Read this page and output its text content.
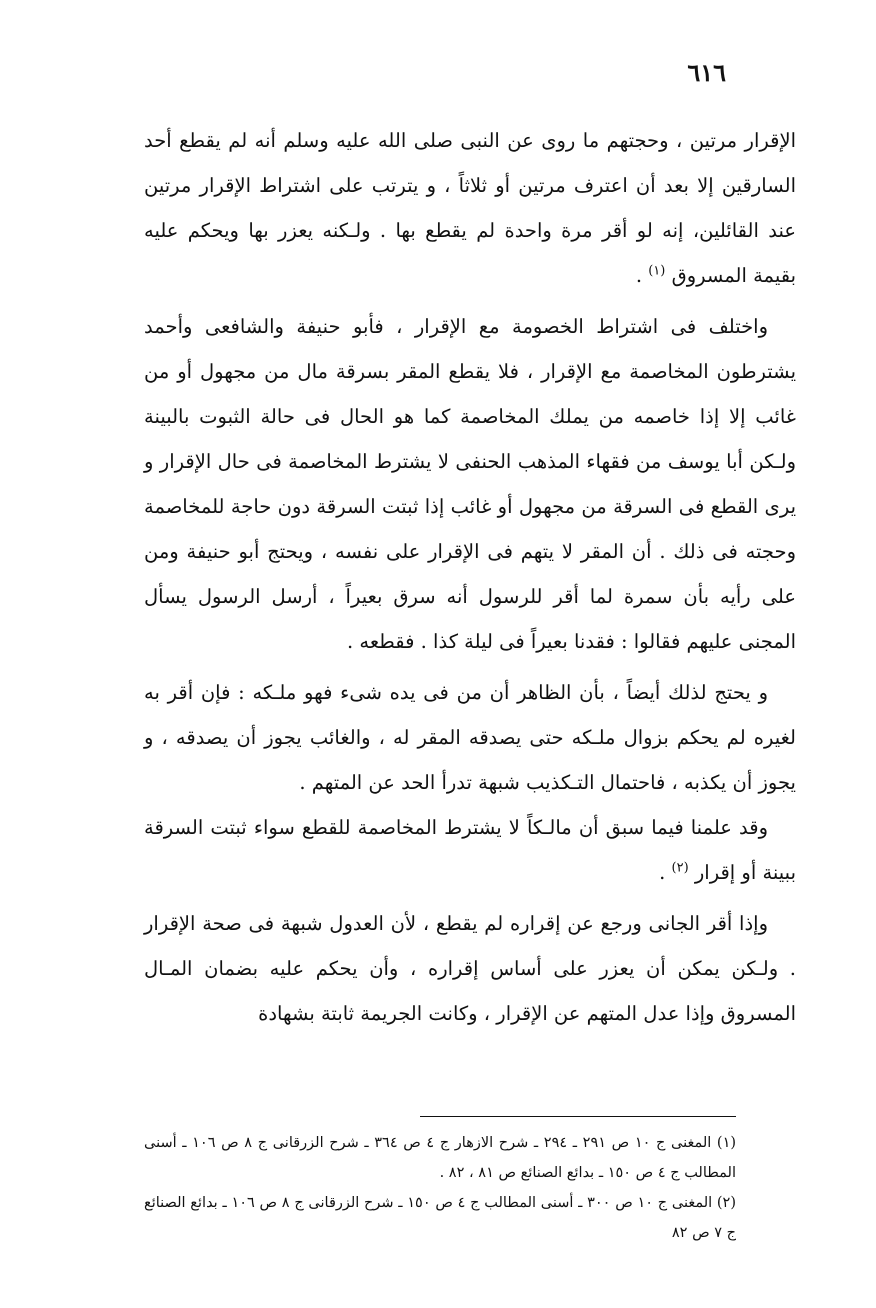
٦١٦

الإقرار مرتين ، وحجتهم ما روى عن النبى صلى الله عليه وسلم أنه لم يقطع أحد السارقين إلا بعد أن اعترف مرتين أو ثلاثاً ، و يترتب على اشتراط الإقرار مرتين عند القائلين، إنه لو أقر مرة واحدة لم يقطع بها . ولـكنه يعزر بها ويحكم عليه بقيمة المسروق $^{(١)}$ .

واختلف فى اشتراط الخصومة مع الإقرار ، فأبو حنيفة والشافعى وأحمد يشترطون المخاصمة مع الإقرار ، فلا يقطع المقر بسرقة مال من مجهول أو من غائب إلا إذا خاصمه من يملك المخاصمة كما هو الحال فى حالة الثبوت بالبينة ولـكن أبا يوسف من فقهاء المذهب الحنفى لا يشترط المخاصمة فى حال الإقرار و يرى القطع فى السرقة من مجهول أو غائب إذا ثبتت السرقة دون حاجة للمخاصمة وحجته فى ذلك . أن المقر لا يتهم فى الإقرار على نفسه ، ويحتج أبو حنيفة ومن على رأيه بأن سمرة لما أقر للرسول أنه سرق بعيراً ، أرسل الرسول يسأل المجنى عليهم فقالوا : فقدنا بعيراً فى ليلة كذا . فقطعه .

و يحتج لذلك أيضاً ، بأن الظاهر أن من فى يده شىء فهو ملـكه : فإن أقر به لغيره لم يحكم بزوال ملـكه حتى يصدقه المقر له ، والغائب يجوز أن يصدقه ، و يجوز أن يكذبه ، فاحتمال التـكذيب شبهة تدرأ الحد عن المتهم .

وقد علمنا فيما سبق أن مالـكاً لا يشترط المخاصمة للقطع سواء ثبتت السرقة ببينة أو إقرار $^{(٢)}$ .

وإذا أقر الجانى ورجع عن إقراره لم يقطع ، لأن العدول شبهة فى صحة الإقرار . ولـكن يمكن أن يعزر على أساس إقراره ، وأن يحكم عليه بضمان المـال المسروق وإذا عدل المتهم عن الإقرار ، وكانت الجريمة ثابتة بشهادة

(١) المغنى ج ١٠ ص ٢٩١ ـ ٢٩٤ ـ شرح الازهار ج ٤ ص ٣٦٤ ـ شرح الزرقانى ج ٨ ص ١٠٦ ـ أسنى المطالب ج ٤ ص ١٥٠ ـ بدائع الصنائع ص ٨١ ، ٨٢ .

(٢) المغنى ج ١٠ ص ٣٠٠ ـ أسنى المطالب ج ٤ ص ١٥٠ ـ شرح الزرقانى ج ٨ ص ١٠٦ ـ بدائع الصنائع ج ٧ ص ٨٢
